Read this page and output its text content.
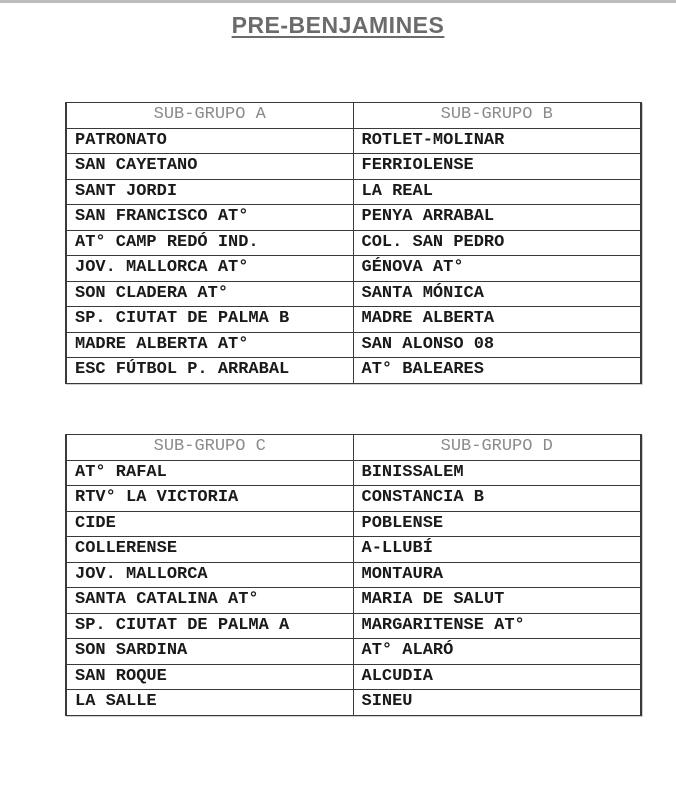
PRE-BENJAMINES
SUB-GRUPO A	SUB-GRUPO B
PATRONATO	ROTLET-MOLINAR
SAN CAYETANO	FERRIOLENSE
SANT JORDI	LA REAL
SAN FRANCISCO AT°	PENYA ARRABAL
AT° CAMP REDÓ IND.	COL. SAN PEDRO
JOV. MALLORCA AT°	GÉNOVA AT°
SON CLADERA AT°	SANTA MÓNICA
SP. CIUTAT DE PALMA B	MADRE ALBERTA
MADRE ALBERTA AT°	SAN ALONSO 08
ESC FÚTBOL P. ARRABAL	AT° BALEARES
SUB-GRUPO C	SUB-GRUPO D
AT° RAFAL	BINISSALEM
RTV° LA VICTORIA	CONSTANCIA B
CIDE	POBLENSE
COLLERENSE	A-LLUBÍ
JOV. MALLORCA	MONTAURA
SANTA CATALINA AT°	MARIA DE SALUT
SP. CIUTAT DE PALMA A	MARGARITENSE AT°
SON SARDINA	AT° ALARÓ
SAN ROQUE	ALCUDIA
LA SALLE	SINEU
